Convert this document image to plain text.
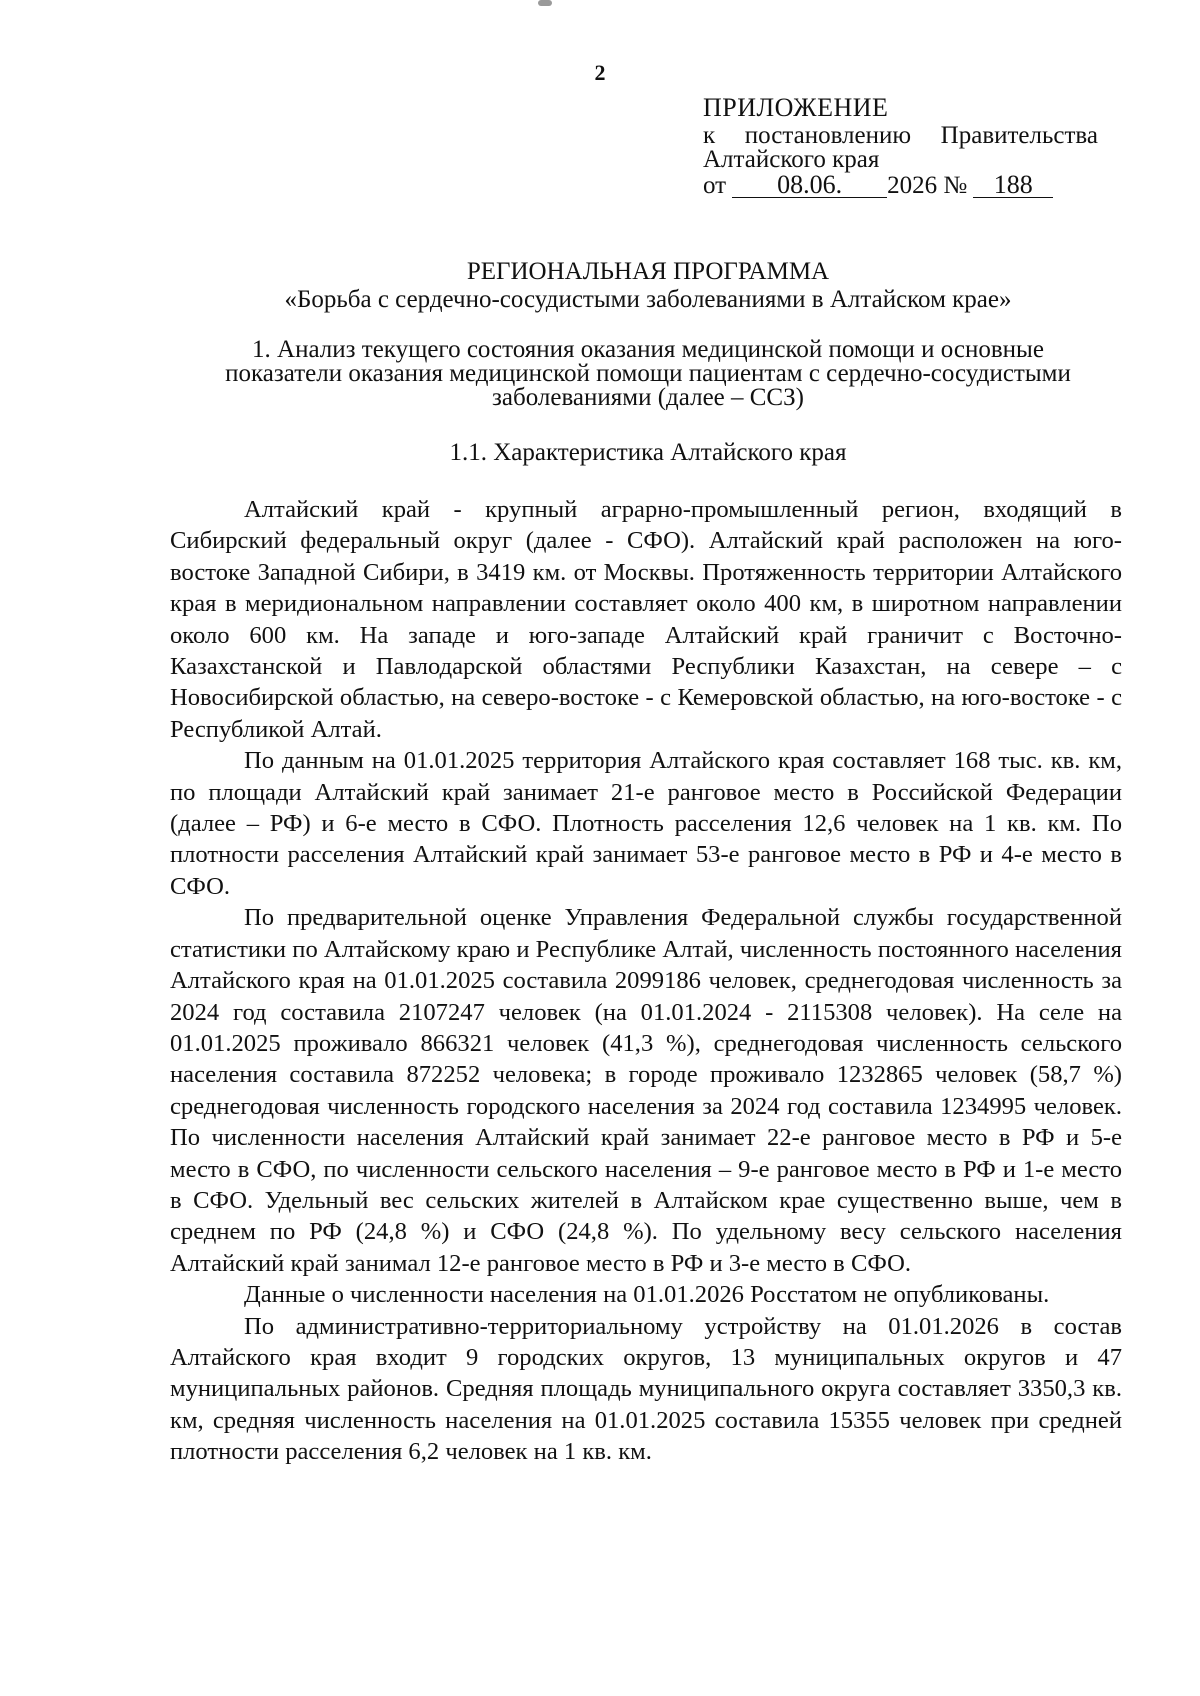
2
ПРИЛОЖЕНИЕ
к постановлению Правительства
Алтайского края
от	08.06.	2026 №	188
РЕГИОНАЛЬНАЯ ПРОГРАММА
«Борьба с сердечно-сосудистыми заболеваниями в Алтайском крае»
1. Анализ текущего состояния оказания медицинской помощи и основные
показатели оказания медицинской помощи пациентам с сердечно-сосудистыми
заболеваниями (далее – ССЗ)
1.1. Характеристика Алтайского края

Алтайский край - крупный аграрно-промышленный регион, входящий в Сибирский федеральный округ (далее - СФО). Алтайский край расположен на юго-востоке Западной Сибири, в 3419 км. от Москвы. Протяженность территории Алтайского края в меридиональном направлении составляет около 400 км, в широтном направлении около 600 км. На западе и юго-западе Алтайский край граничит с Восточно-Казахстанской и Павлодарской областями Республики Казахстан, на севере – с Новосибирской областью, на северо-востоке - с Кемеровской областью, на юго-востоке - с Республикой Алтай.

По данным на 01.01.2025 территория Алтайского края составляет 168 тыс. кв. км, по площади Алтайский край занимает 21-е ранговое место в Российской Федерации (далее – РФ) и 6-е место в СФО. Плотность расселения 12,6 человек на 1 кв. км. По плотности расселения Алтайский край занимает 53-е ранговое место в РФ и 4-е место в СФО.

По предварительной оценке Управления Федеральной службы государственной статистики по Алтайскому краю и Республике Алтай, численность постоянного населения Алтайского края на 01.01.2025 составила 2099186 человек, среднегодовая численность за 2024 год составила 2107247 человек (на 01.01.2024 - 2115308 человек). На селе на 01.01.2025 проживало 866321 человек (41,3 %), среднегодовая численность сельского населения составила 872252 человека; в городе проживало 1232865 человек (58,7 %) среднегодовая численность городского населения за 2024 год составила 1234995 человек. По численности населения Алтайский край занимает 22-е ранговое место в РФ и 5-е место в СФО, по численности сельского населения – 9-е ранговое место в РФ и 1-е место в СФО. Удельный вес сельских жителей в Алтайском крае существенно выше, чем в среднем по РФ (24,8 %) и СФО (24,8 %). По удельному весу сельского населения Алтайский край занимал 12-е ранговое место в РФ и 3-е место в СФО.

Данные о численности населения на 01.01.2026 Росстатом не опубликованы.

По административно-территориальному устройству на 01.01.2026 в состав Алтайского края входит 9 городских округов, 13 муниципальных округов и 47 муниципальных районов. Средняя площадь муниципального округа составляет 3350,3 кв. км, средняя численность населения на 01.01.2025 составила 15355 человек при средней плотности расселения 6,2 человек на 1 кв. км.
